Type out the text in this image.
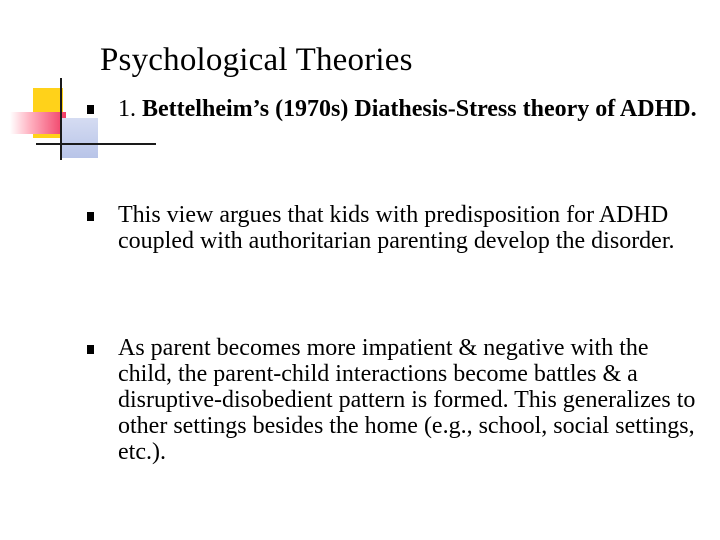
Psychological Theories
1. Bettelheim’s (1970s) Diathesis-Stress theory of ADHD.
This view argues that kids with predisposition for ADHD coupled with authoritarian parenting develop the disorder.
As parent becomes more impatient & negative with the child, the parent-child interactions become battles & a disruptive-disobedient pattern is formed. This generalizes to other settings besides the home (e.g., school, social settings, etc.).
